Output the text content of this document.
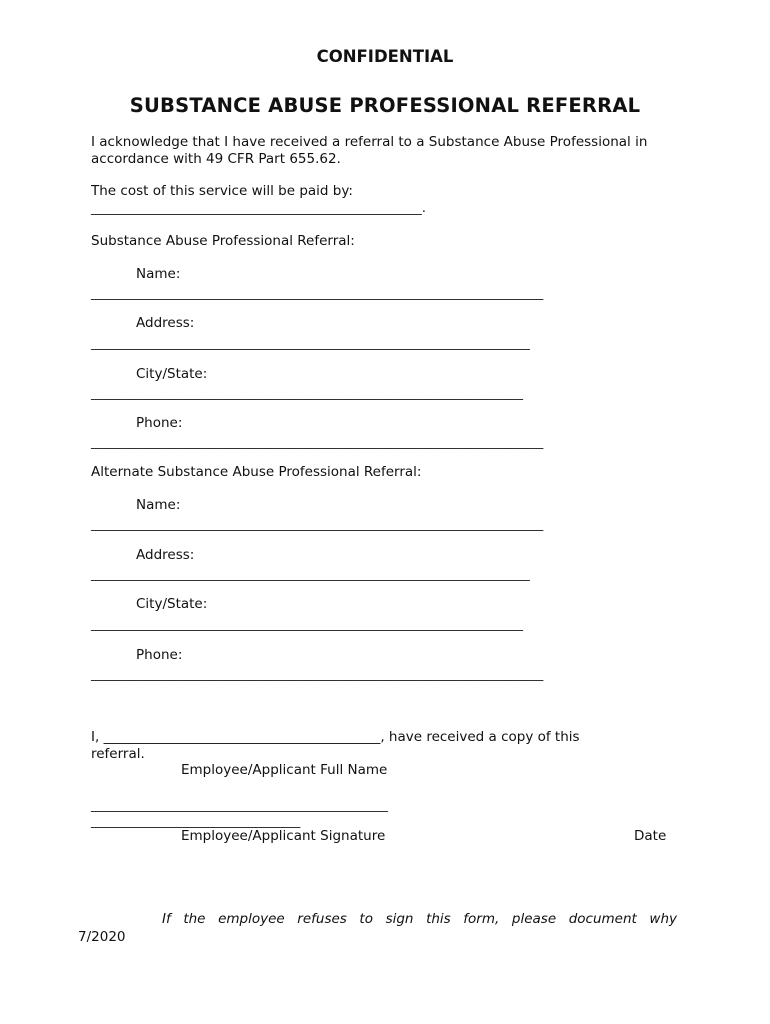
CONFIDENTIAL
SUBSTANCE ABUSE PROFESSIONAL REFERRAL
I acknowledge that I have received a referral to a Substance Abuse Professional in
accordance with 49 CFR Part 655.62.
The cost of this service will be paid by:
_________________________________________________.
Substance Abuse Professional Referral:
Name:
___________________________________________________________________
Address:
_________________________________________________________________
City/State:
________________________________________________________________
Phone:
___________________________________________________________________
Alternate Substance Abuse Professional Referral:
Name:
___________________________________________________________________
Address:
_________________________________________________________________
City/State:
________________________________________________________________
Phone:
___________________________________________________________________
I, _________________________________________, have received a copy of this
referral.
Employee/Applicant Full Name
____________________________________________
_______________________________
Employee/Applicant Signature	Date
If the employee refuses to sign this form, please document why
7/2020
